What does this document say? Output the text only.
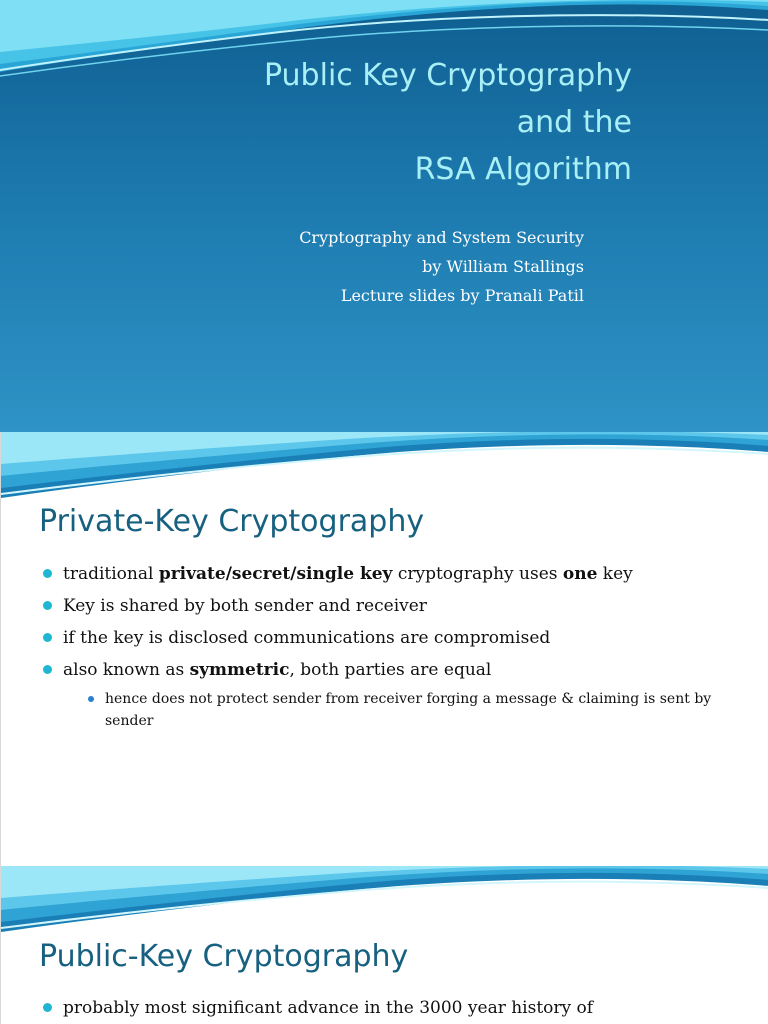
Public Key Cryptography
and the
RSA Algorithm
Cryptography and System Security
by William Stallings
Lecture slides by Pranali Patil
Private-Key Cryptography
traditional private/secret/single key cryptography uses one key
Key is shared by both sender and receiver
if the key is disclosed communications are compromised
also known as symmetric, both parties are equal
hence does not protect sender from receiver forging a message & claiming is sent by sender
Public-Key Cryptography
probably most significant advance in the 3000 year history of
